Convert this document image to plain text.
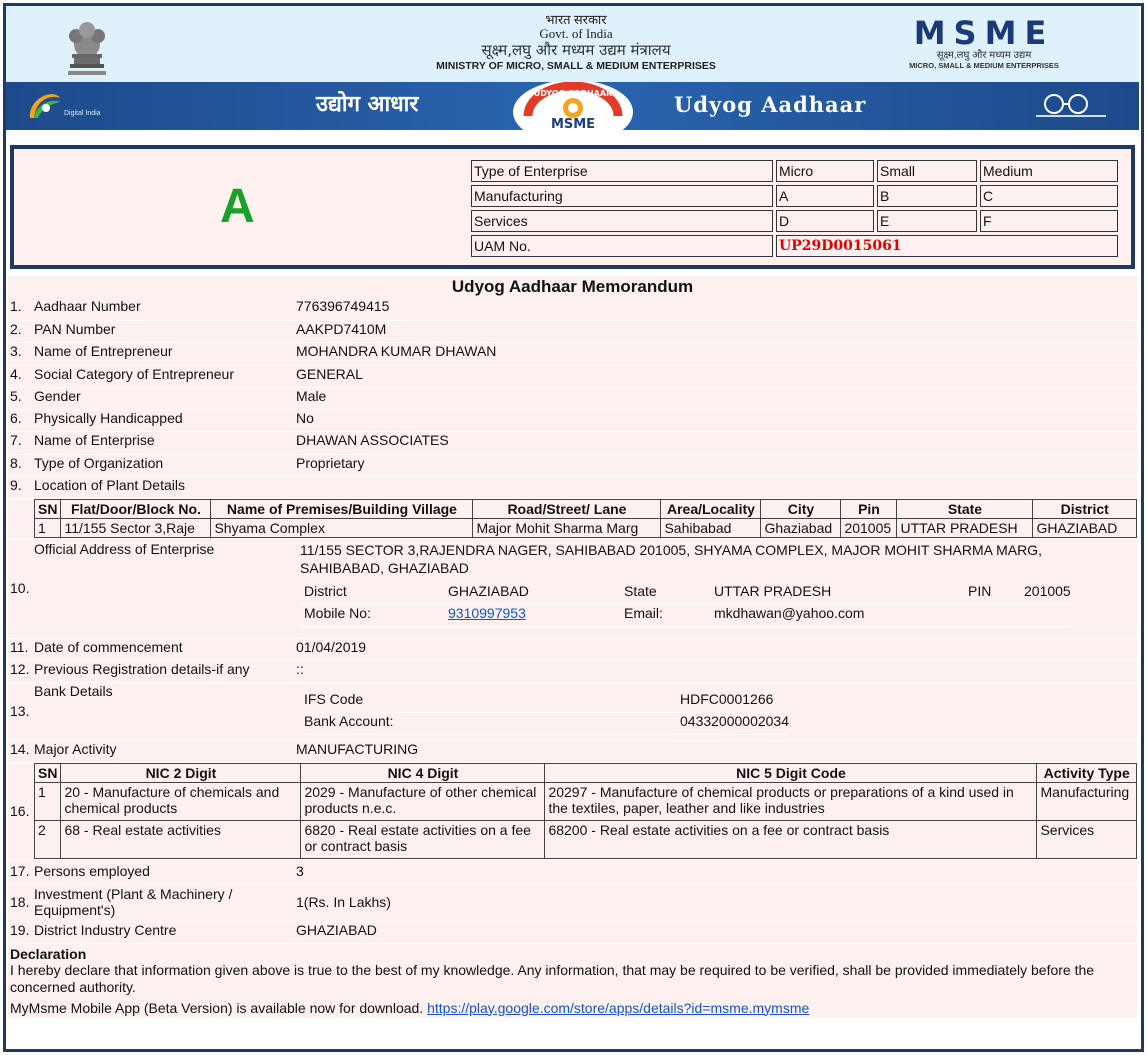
भारत सरकार
Govt. of India
सूक्ष्म,लघु और मध्यम उद्यम मंत्रालय
MINISTRY OF MICRO, SMALL & MEDIUM ENTERPRISES
MSME
सूक्ष्म,लघु और मध्यम उद्यम
MICRO, SMALL & MEDIUM ENTERPRISES
Digital India	उद्योग आधार
MSME
UDYOG AADHAAR	Udyog Aadhaar
A
Type of Enterprise	Micro	Small	Medium
Manufacturing	A	B	C
Services	D	E	F
UAM No.	UP29D0015061		
Udyog Aadhaar Memorandum
1.	Aadhaar Number	776396749415
2.	PAN Number	AAKPD7410M
3.	Name of Entrepreneur	MOHANDRA KUMAR DHAWAN
4.	Social Category of Entrepreneur	GENERAL
5.	Gender	Male
6.	Physically Handicapped	No
7.	Name of Enterprise	DHAWAN ASSOCIATES
8.	Type of Organization	Proprietary
9.	Location of Plant Details

SN	Flat/Door/Block No.	Name of Premises/Building Village	Road/Street/ Lane	Area/Locality	City	Pin	State	District
1	11/155 Sector 3,Raje	Shyama Complex	Major Mohit Sharma Marg	Sahibabad	Ghaziabad	201005	UTTAR PRADESH	GHAZIABAD

10.	Official Address of Enterprise	11/155 SECTOR 3,RAJENDRA NAGER, SAHIBABAD 201005, SHYAMA COMPLEX, MAJOR MOHIT SHARMA MARG, SAHIBABAD, GHAZIABAD
District	GHAZIABAD	State	UTTAR PRADESH	PIN	201005
Mobile No:	9310997953	Email:	mkdhawan@yahoo.com

11.	Date of commencement	01/04/2019
12.	Previous Registration details-if any	::
13.	Bank Details		IFS Code	HDFC0001266
Bank Account:	04332000002034

14.	Major Activity	MANUFACTURING
16.	
SN	NIC 2 Digit	NIC 4 Digit	NIC 5 Digit Code	Activity Type
1	20 - Manufacture of chemicals and chemical products	2029 - Manufacture of other chemical products n.e.c.	20297 - Manufacture of chemical products or preparations of a kind used in the textiles, paper, leather and like industries	Manufacturing
2	68 - Real estate activities	6820 - Real estate activities on a fee or contract basis	68200 - Real estate activities on a fee or contract basis	Services

17.	Persons employed	3
18.	Investment (Plant & Machinery / Equipment's)	1(Rs. In Lakhs)
19.	District Industry Centre	GHAZIABAD
Declaration
I hereby declare that information given above is true to the best of my knowledge. Any information, that may be required to be verified, shall be provided immediately before the concerned authority.
MyMsme Mobile App (Beta Version) is available now for download. https://play.google.com/store/apps/details?id=msme.mymsme
